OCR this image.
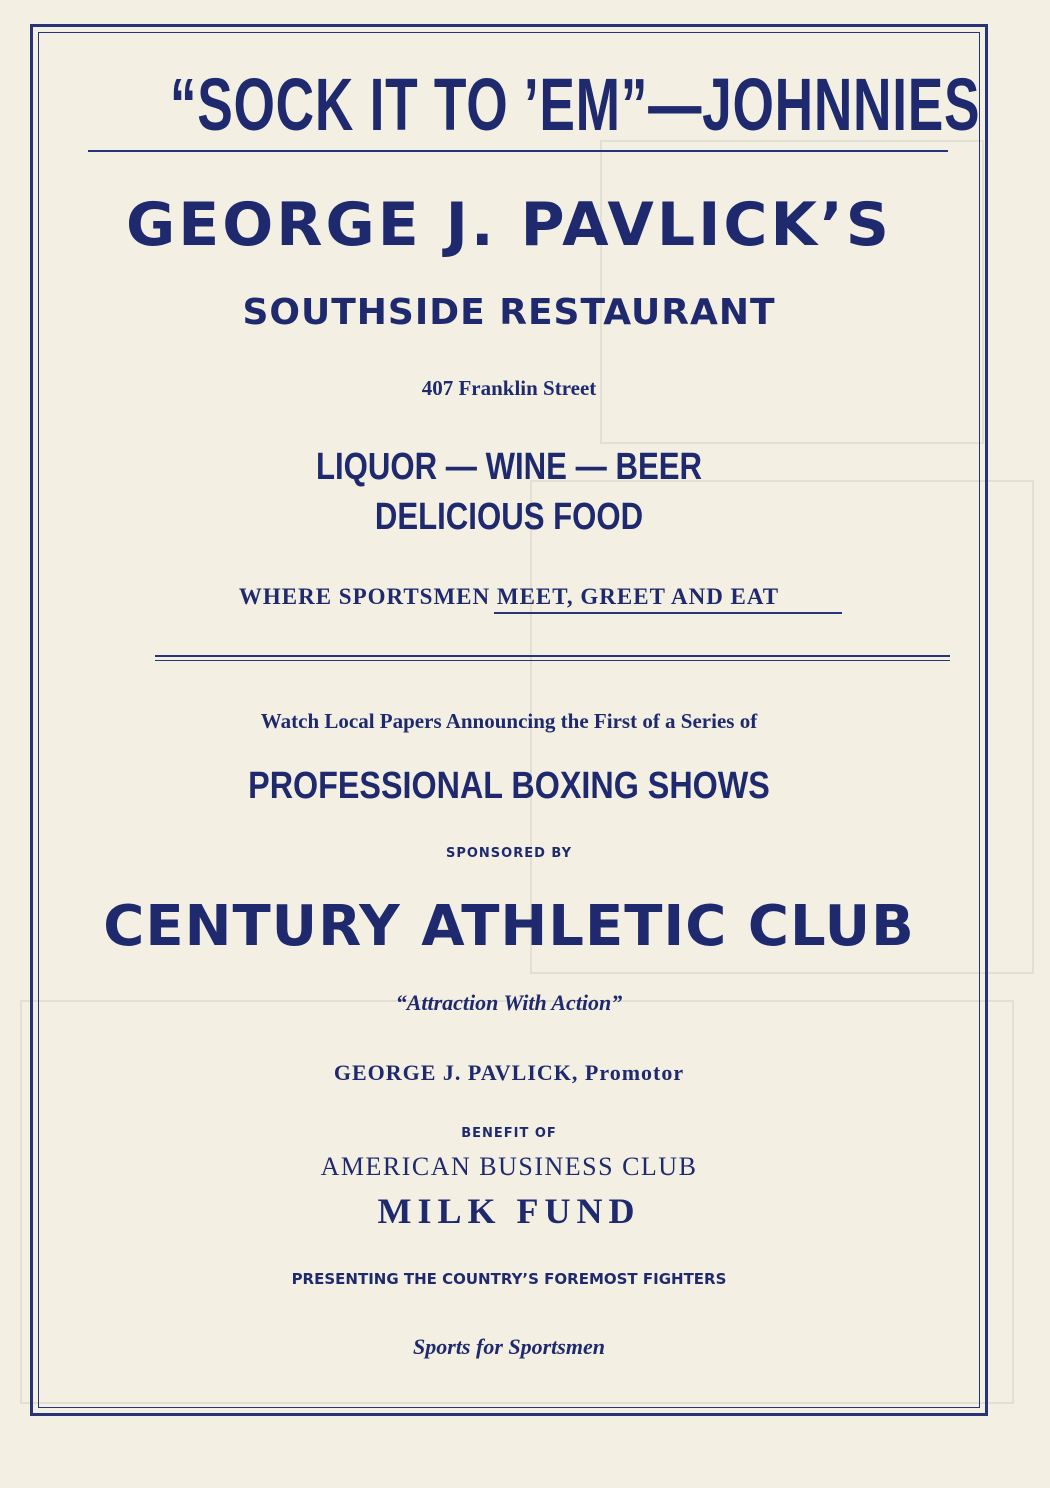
“SOCK IT TO ’EM”—JOHNNIES
GEORGE J. PAVLICK’S
SOUTHSIDE RESTAURANT
407 Franklin Street
LIQUOR — WINE — BEER
DELICIOUS FOOD
WHERE SPORTSMEN MEET, GREET AND EAT
Watch Local Papers Announcing the First of a Series of
PROFESSIONAL BOXING SHOWS
SPONSORED BY
CENTURY ATHLETIC CLUB
“Attraction With Action”
GEORGE J. PAVLICK, Promotor
BENEFIT OF
AMERICAN BUSINESS CLUB
MILK FUND
PRESENTING THE COUNTRY’S FOREMOST FIGHTERS
Sports for Sportsmen
